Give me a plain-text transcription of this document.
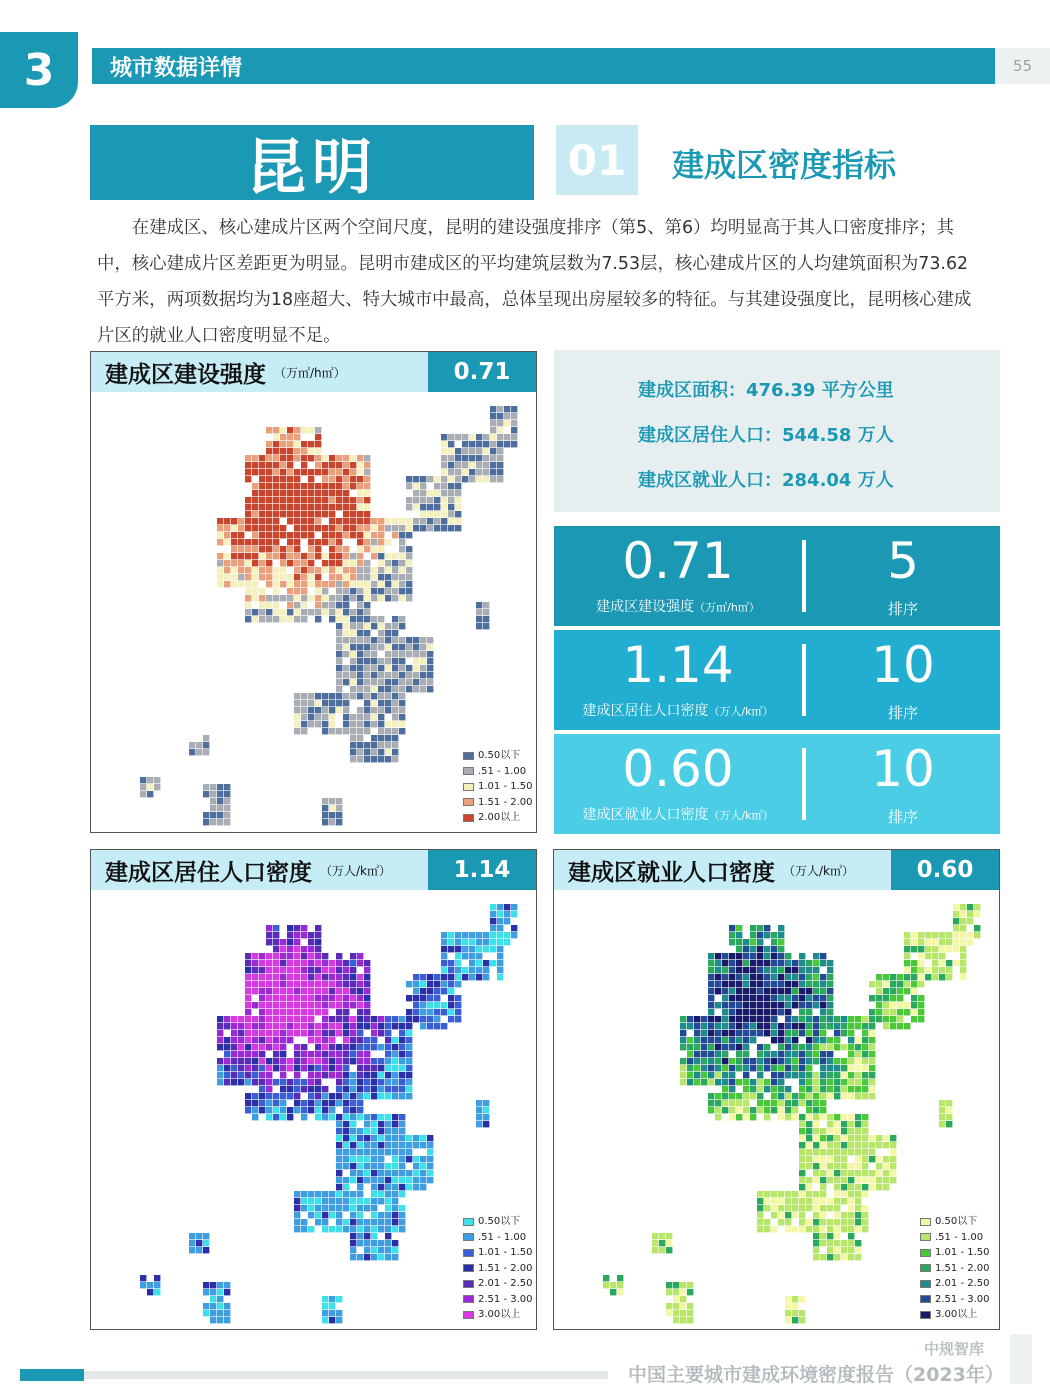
3	城市数据详情	55
昆明	01	建成区密度指标
在建成区、核心建成片区两个空间尺度，昆明的建设强度排序（第5、第6）均明显高于其人口密度排序；其中，核心建成片区差距更为明显。昆明市建成区的平均建筑层数为7.53层，核心建成片区的人均建筑面积为73.62平方米，两项数据均为18座超大、特大城市中最高，总体呈现出房屋较多的特征。与其建设强度比，昆明核心建成片区的就业人口密度明显不足。
建成区建设强度 （万㎡/h㎡）	0.71
0.50以下
.51 - 1.00
1.01 - 1.50
1.51 - 2.00
2.00以上
建成区面积：476.39 平方公里
建成区居住人口：544.58 万人
建成区就业人口：284.04 万人
0.71
建成区建设强度（万㎡/h㎡）
5
排序
1.14
建成区居住人口密度（万人/k㎡）
10
排序
0.60
建成区就业人口密度（万人/k㎡）
10
排序
建成区居住人口密度 （万人/k㎡）	1.14
0.50以下
.51 - 1.00
1.01 - 1.50
1.51 - 2.00
2.01 - 2.50
2.51 - 3.00
3.00以上
建成区就业人口密度 （万人/k㎡）	0.60
0.50以下
.51 - 1.00
1.01 - 1.50
1.51 - 2.00
2.01 - 2.50
2.51 - 3.00
3.00以上
中规智库
中国主要城市建成环境密度报告（2023年）
